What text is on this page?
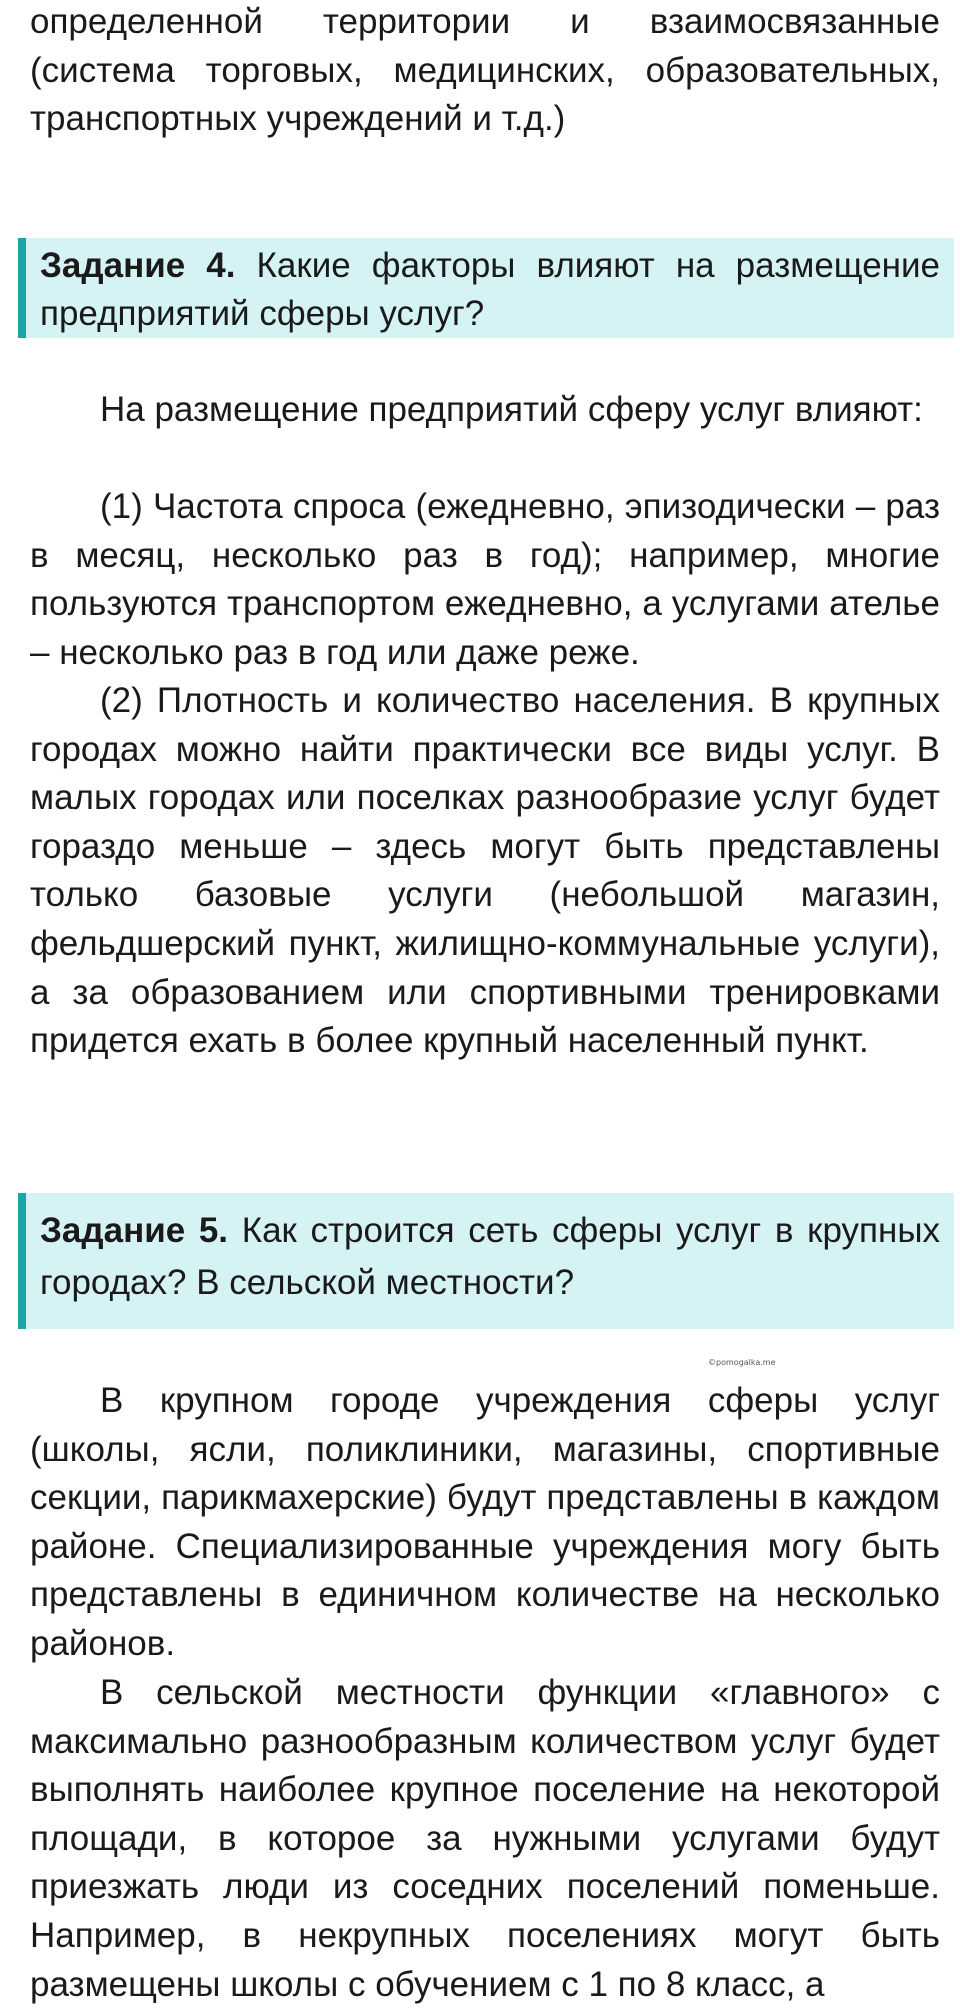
определенной территории и взаимосвязанные (система торговых, медицинских, образовательных, транспортных учреждений и т.д.)

Задание 4. Какие факторы влияют на размещение предприятий сферы услуг?

На размещение предприятий сферу услуг влияют:

(1) Частота спроса (ежедневно, эпизодически – раз в месяц, несколько раз в год); например, многие пользуются транспортом ежедневно, а услугами ателье – несколько раз в год или даже реже.

(2) Плотность и количество населения. В крупных городах можно найти практически все виды услуг. В малых городах или поселках разнообразие услуг будет гораздо меньше – здесь могут быть представлены только базовые услуги (небольшой магазин, фельдшерский пункт, жилищно-коммунальные услуги), а за образованием или спортивными тренировками придется ехать в более крупный населенный пункт.

Задание 5. Как строится сеть сферы услуг в крупных городах? В сельской местности?
©pomogalka.me

В крупном городе учреждения сферы услуг (школы, ясли, поликлиники, магазины, спортивные секции, парикмахерские) будут представлены в каждом районе. Специализированные учреждения могу быть представлены в единичном количестве на несколько районов.

В сельской местности функции «главного» с максимально разнообразным количеством услуг будет выполнять наиболее крупное поселение на некоторой площади, в которое за нужными услугами будут приезжать люди из соседних поселений поменьше. Например, в некрупных поселениях могут быть размещены школы с обучением с 1 по 8 класс, а
